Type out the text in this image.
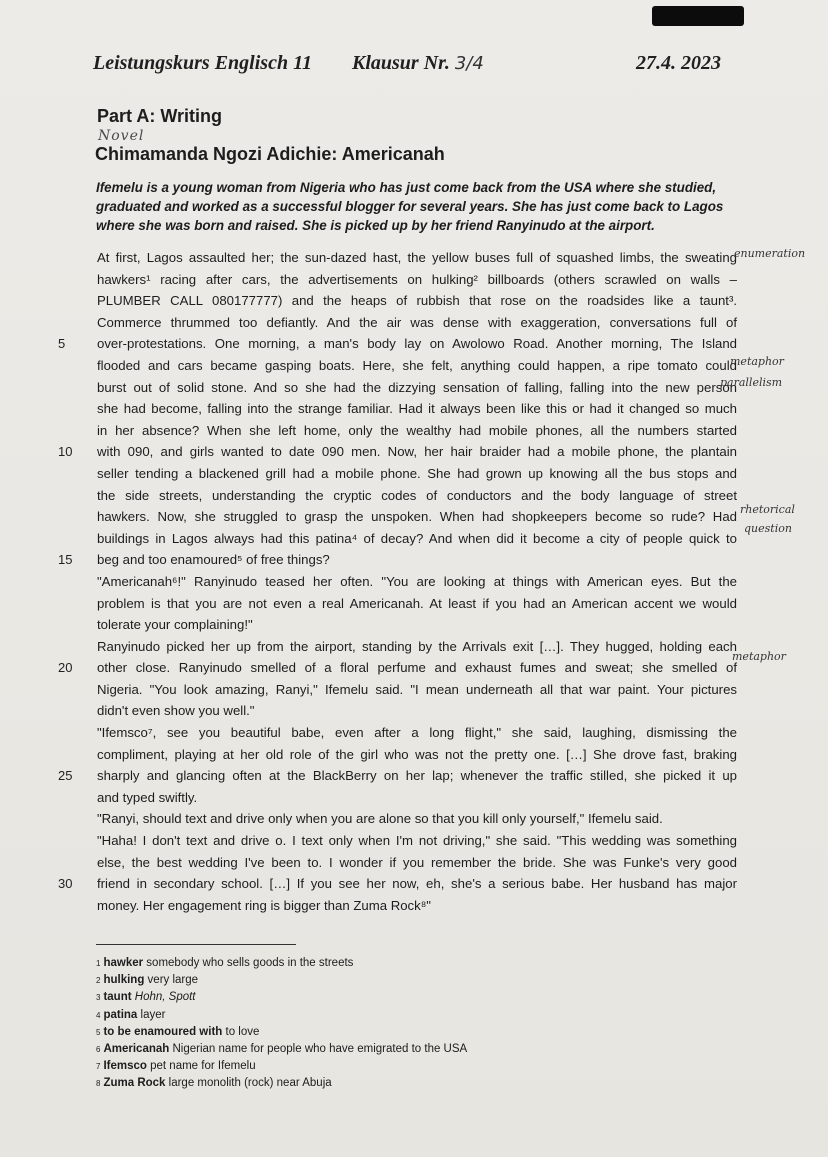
Leistungskurs Englisch 11 Klausur Nr. 3/4	27.4. 2023
Part A: Writing
Novel
Chimamanda Ngozi Adichie: Americanah

Ifemelu is a young woman from Nigeria who has just come back from the USA where she studied, graduated and worked as a successful blogger for several years. She has just come back to Lagos where she was born and raised. She is picked up by her friend Ranyinudo at the airport.

5
10
15
20
25
30
At first, Lagos assaulted her; the sun-dazed hast, the yellow buses full of squashed limbs, the sweating
hawkers¹ racing after cars, the advertisements on hulking² billboards (others scrawled on walls –
PLUMBER CALL 080177777) and the heaps of rubbish that rose on the roadsides like a taunt³.
Commerce thrummed too defiantly. And the air was dense with exaggeration, conversations full of
over-protestations. One morning, a man's body lay on Awolowo Road. Another morning, The Island
flooded and cars became gasping boats. Here, she felt, anything could happen, a ripe tomato could
burst out of solid stone. And so she had the dizzying sensation of falling, falling into the new person
she had become, falling into the strange familiar. Had it always been like this or had it changed so much
in her absence? When she left home, only the wealthy had mobile phones, all the numbers started
with 090, and girls wanted to date 090 men. Now, her hair braider had a mobile phone, the plantain
seller tending a blackened grill had a mobile phone. She had grown up knowing all the bus stops and
the side streets, understanding the cryptic codes of conductors and the body language of street
hawkers. Now, she struggled to grasp the unspoken. When had shopkeepers become so rude? Had
buildings in Lagos always had this patina⁴ of decay? And when did it become a city of people quick to
beg and too enamoured⁵ of free things?
"Americanah⁶!" Ranyinudo teased her often. "You are looking at things with American eyes. But the
problem is that you are not even a real Americanah. At least if you had an American accent we would
tolerate your complaining!"
Ranyinudo picked her up from the airport, standing by the Arrivals exit […]. They hugged, holding each
other close. Ranyinudo smelled of a floral perfume and exhaust fumes and sweat; she smelled of
Nigeria. "You look amazing, Ranyi," Ifemelu said. "I mean underneath all that war paint. Your pictures
didn't even show you well."
"Ifemsco⁷, see you beautiful babe, even after a long flight," she said, laughing, dismissing the
compliment, playing at her old role of the girl who was not the pretty one. […] She drove fast, braking
sharply and glancing often at the BlackBerry on her lap; whenever the traffic stilled, she picked it up
and typed swiftly.
"Ranyi, should text and drive only when you are alone so that you kill only yourself," Ifemelu said.
"Haha! I don't text and drive o. I text only when I'm not driving," she said. "This wedding was something
else, the best wedding I've been to. I wonder if you remember the bride. She was Funke's very good
friend in secondary school. […] If you see her now, eh, she's a serious babe. Her husband has major
money. Her engagement ring is bigger than Zuma Rock⁸"
enumeration
metaphor
parallelism
rhetorical
question
metaphor
$^1$ hawker somebody who sells goods in the streets
$^2$ hulking very large
$^3$ taunt Hohn, Spott
$^4$ patina layer
$^5$ to be enamoured with to love
$^6$ Americanah Nigerian name for people who have emigrated to the USA
$^7$ Ifemsco pet name for Ifemelu
$^8$ Zuma Rock large monolith (rock) near Abuja
